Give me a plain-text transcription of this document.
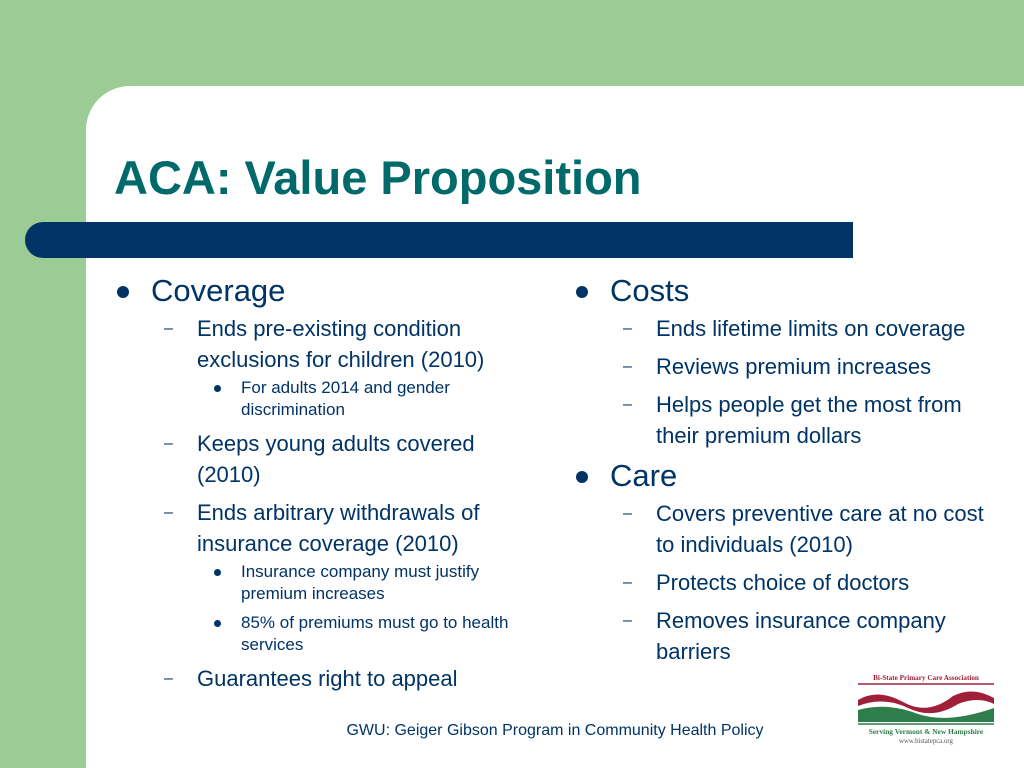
ACA: Value Proposition
Coverage
– Ends pre-existing condition exclusions for children (2010)
For adults 2014 and gender discrimination
– Keeps young adults covered (2010)
– Ends arbitrary withdrawals of insurance coverage (2010)
Insurance company must justify premium increases
85% of premiums must go to health services
– Guarantees right to appeal
Costs
– Ends lifetime limits on coverage
– Reviews premium increases
– Helps people get the most from their premium dollars
Care
– Covers preventive care at no cost to individuals (2010)
– Protects choice of doctors
– Removes insurance company barriers
GWU: Geiger Gibson Program in Community Health Policy
Bi-State Primary Care Association
Serving Vermont & New Hampshire
www.bistatepca.org
